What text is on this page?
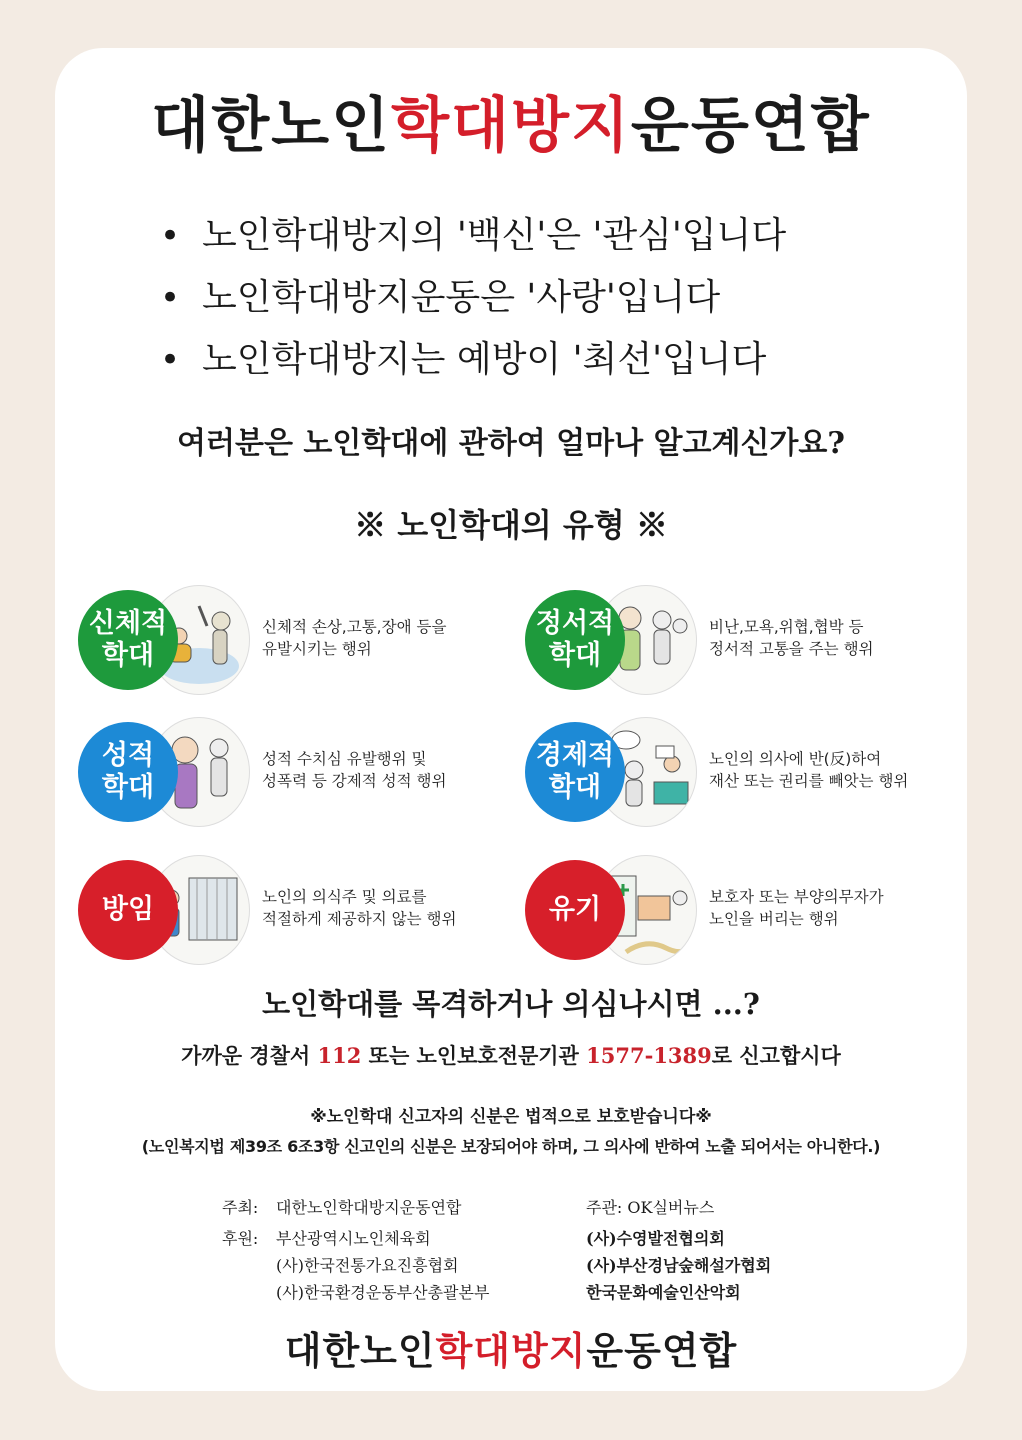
대한노인학대방지운동연합
• 노인학대방지의 '백신'은 '관심'입니다
• 노인학대방지운동은 '사랑'입니다
• 노인학대방지는 예방이 '최선'입니다
여러분은 노인학대에 관하여 얼마나 알고계신가요?
※ 노인학대의 유형 ※
신체적
학대
신체적 손상,고통,장애 등을
유발시키는 행위
정서적
학대
비난,모욕,위협,협박 등
정서적 고통을 주는 행위
성적
학대
성적 수치심 유발행위 및
성폭력 등 강제적 성적 행위
경제적
학대
노인의 의사에 반(反)하여
재산 또는 권리를 빼앗는 행위
방임	노인의 의식주 및 의료를
적절하게 제공하지 않는 행위	유기	보호자 또는 부양의무자가
노인을 버리는 행위
노인학대를 목격하거나 의심나시면 ...?
가까운 경찰서 112 또는 노인보호전문기관 1577-1389로 신고합시다
※노인학대 신고자의 신분은 법적으로 보호받습니다※
(노인복지법 제39조 6조3항 신고인의 신분은 보장되어야 하며, 그 의사에 반하여 노출 되어서는 아니한다.)
주최: 대한노인학대방지운동연합
후원: 부산광역시노인체육회
(사)한국전통가요진흥협회
(사)한국환경운동부산총괄본부
주관: OK실버뉴스
(사)수영발전협의회
(사)부산경남숲해설가협회
한국문화예술인산악회
대한노인학대방지운동연합
